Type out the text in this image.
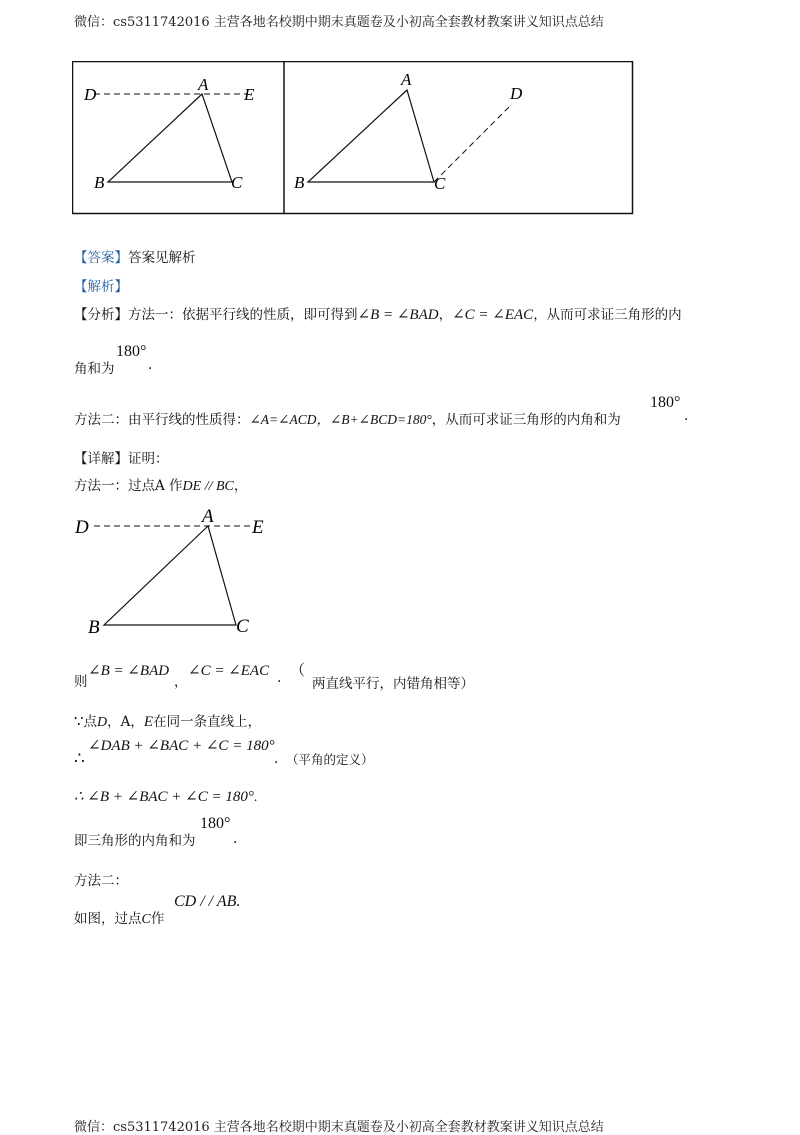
微信：cs5311742016 主营各地名校期中期末真题卷及小初高全套教材教案讲义知识点总结
D
A
E
B	C
A
D
B	C
【答案】答案见解析
【解析】
【分析】方法一：依据平行线的性质，即可得到∠B = ∠BAD，∠C = ∠EAC，从而可求证三角形的内
角和为
180°
.
方法二：由平行线的性质得：∠A=∠ACD，∠B+∠BCD=180°，从而可求证三角形的内角和为
180°
.
【详解】证明：
方法一：过点A 作DE // BC，
D
A
E
B	C
则
∠B = ∠BAD
，
∠C = ∠EAC . （
两直线平行，内错角相等）
∵点D，A，E在同一条直线上，
∴
∠DAB + ∠BAC + ∠C = 180°
. （平角的定义）
∴ ∠B + ∠BAC + ∠C = 180°.
即三角形的内角和为
180°
.
方法二：
如图，过点C作
CD / / AB.
微信：cs5311742016 主营各地名校期中期末真题卷及小初高全套教材教案讲义知识点总结
